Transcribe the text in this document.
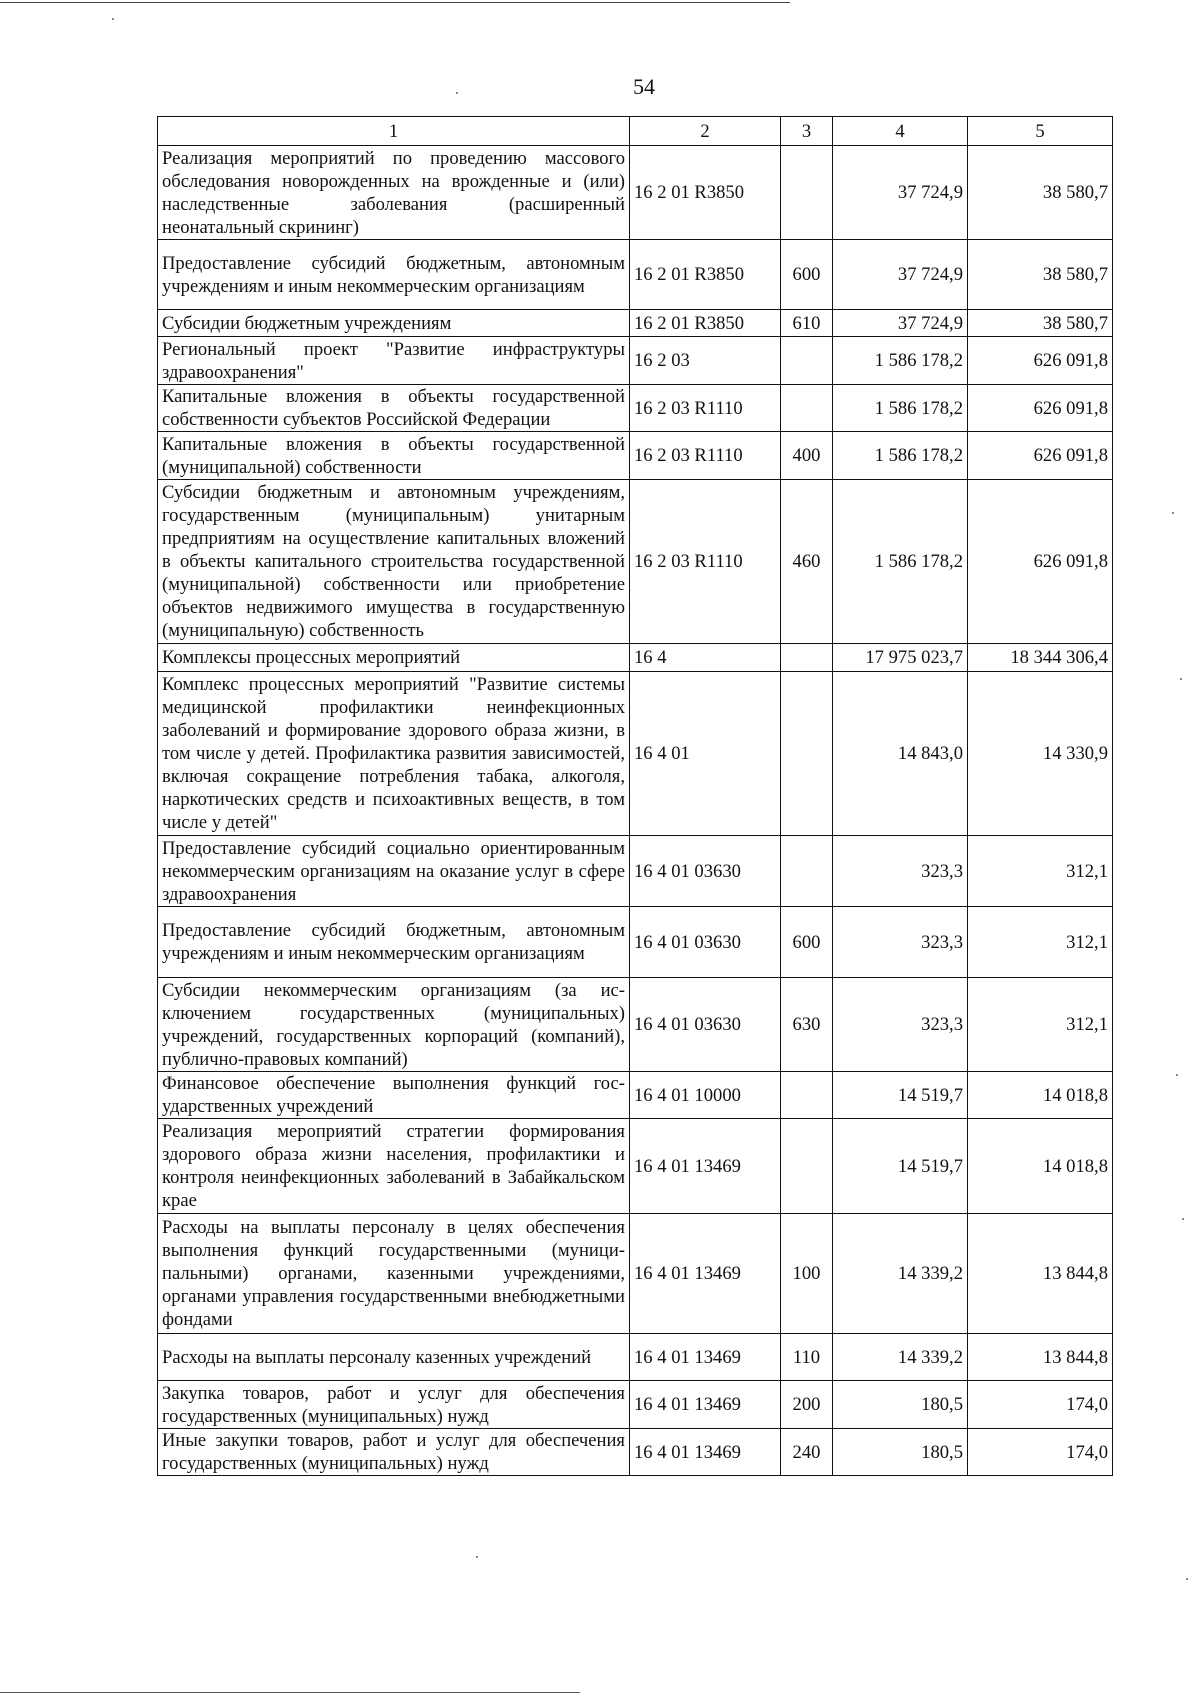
54
1	2	3	4	5
Реализация мероприятий по проведению массового обследования новорожденных на врожденные и (или) наследственные заболевания (расширенный неонатальный скрининг)	16 2 01 R3850		37 724,9	38 580,7
Предоставление субсидий бюджетным, автономным учреждениям и иным некоммерческим организациям	16 2 01 R3850	600	37 724,9	38 580,7
Субсидии бюджетным учреждениям	16 2 01 R3850	610	37 724,9	38 580,7
Региональный проект "Развитие инфраструктуры здравоохранения"	16 2 03		1 586 178,2	626 091,8
Капитальные вложения в объекты государственной собственности субъектов Российской Федерации	16 2 03 R1110		1 586 178,2	626 091,8
Капитальные вложения в объекты государственной (муниципальной) собственности	16 2 03 R1110	400	1 586 178,2	626 091,8
Субсидии бюджетным и автономным учреждениям, государственным (муниципальным) унитарным предприятиям на осуществление капитальных вложений в объекты капитального строительства государственной (муниципальной) собственности или приобретение объектов недвижимого имущества в государственную (муниципальную) собственность	16 2 03 R1110	460	1 586 178,2	626 091,8
Комплексы процессных мероприятий	16 4		17 975 023,7	18 344 306,4
Комплекс процессных мероприятий "Развитие системы медицинской профилактики неинфекционных заболеваний и формирование здорового образа жизни, в том числе у детей. Профилактика развития зависимостей, включая сокращение потребления табака, алкоголя, наркотических средств и психоактивных веществ, в том числе у детей"	16 4 01		14 843,0	14 330,9
Предоставление субсидий социально ориентированным некоммерческим организациям на оказание услуг в сфере здравоохранения	16 4 01 03630		323,3	312,1
Предоставление субсидий бюджетным, автономным учреждениям и иным некоммерческим организациям	16 4 01 03630	600	323,3	312,1
Субсидии некоммерческим организациям (за исключением государственных (муниципальных) учреждений, государственных корпораций (компаний), публично-правовых компаний)	16 4 01 03630	630	323,3	312,1
Финансовое обеспечение выполнения функций государственных учреждений	16 4 01 10000		14 519,7	14 018,8
Реализация мероприятий стратегии формирования здорового образа жизни населения, профилактики и контроля неинфекционных заболеваний в Забайкальском крае	16 4 01 13469		14 519,7	14 018,8
Расходы на выплаты персоналу в целях обеспечения выполнения функций государственными (муниципальными) органами, казенными учреждениями, органами управления государственными внебюджетными фондами	16 4 01 13469	100	14 339,2	13 844,8
Расходы на выплаты персоналу казенных учреждений	16 4 01 13469	110	14 339,2	13 844,8
Закупка товаров, работ и услуг для обеспечения государственных (муниципальных) нужд	16 4 01 13469	200	180,5	174,0
Иные закупки товаров, работ и услуг для обеспечения государственных (муниципальных) нужд	16 4 01 13469	240	180,5	174,0
